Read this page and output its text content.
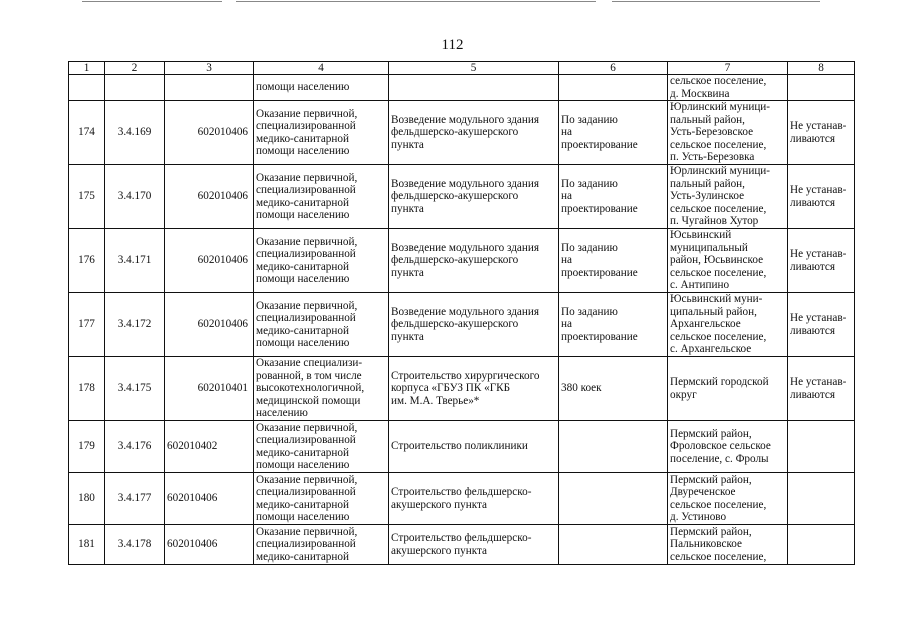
112
1	2	3	4	5	6	7	8
			помощи населению			сельское поселение,
д. Москвина	

174	3.4.169	602010406	Оказание первичной,
специализированной
медико-санитарной
помощи населению	Возведение модульного здания
фельдшерско-акушерского
пункта	По заданию
на
проектирование	Юрлинский муници-
пальный район,
Усть-Березовское
сельское поселение,
п. Усть-Березовка	Не устанав-
ливаются

175	3.4.170	602010406	Оказание первичной,
специализированной
медико-санитарной
помощи населению	Возведение модульного здания
фельдшерско-акушерского
пункта	По заданию
на
проектирование	Юрлинский муници-
пальный район,
Усть-Зулинское
сельское поселение,
п. Чугайнов Хутор	Не устанав-
ливаются

176	3.4.171	602010406	Оказание первичной,
специализированной
медико-санитарной
помощи населению	Возведение модульного здания
фельдшерско-акушерского
пункта	По заданию
на
проектирование	Юсьвинский
муниципальный
район, Юсьвинское
сельское поселение,
с. Антипино	Не устанав-
ливаются

177	3.4.172	602010406	Оказание первичной,
специализированной
медико-санитарной
помощи населению	Возведение модульного здания
фельдшерско-акушерского
пункта	По заданию
на
проектирование	Юсьвинский муни-
ципальный район,
Архангельское
сельское поселение,
с. Архангельское	Не устанав-
ливаются

178	3.4.175	602010401	Оказание специализи-
рованной, в том числе
высокотехнологичной,
медицинской помощи
населению	Строительство хирургического
корпуса «ГБУЗ ПК «ГКБ
им. М.А. Тверье»*	380 коек	Пермский городской
округ	Не устанав-
ливаются

179	3.4.176	602010402	Оказание первичной,
специализированной
медико-санитарной
помощи населению	Строительство поликлиники		Пермский район,
Фроловское сельское
поселение, с. Фролы	

180	3.4.177	602010406	Оказание первичной,
специализированной
медико-санитарной
помощи населению	Строительство фельдшерско-
акушерского пункта		Пермский район,
Двуреченское
сельское поселение,
д. Устиново	

181	3.4.178	602010406	Оказание первичной,
специализированной
медико-санитарной	Строительство фельдшерско-
акушерского пункта		Пермский район,
Пальниковское
сельское поселение,	
